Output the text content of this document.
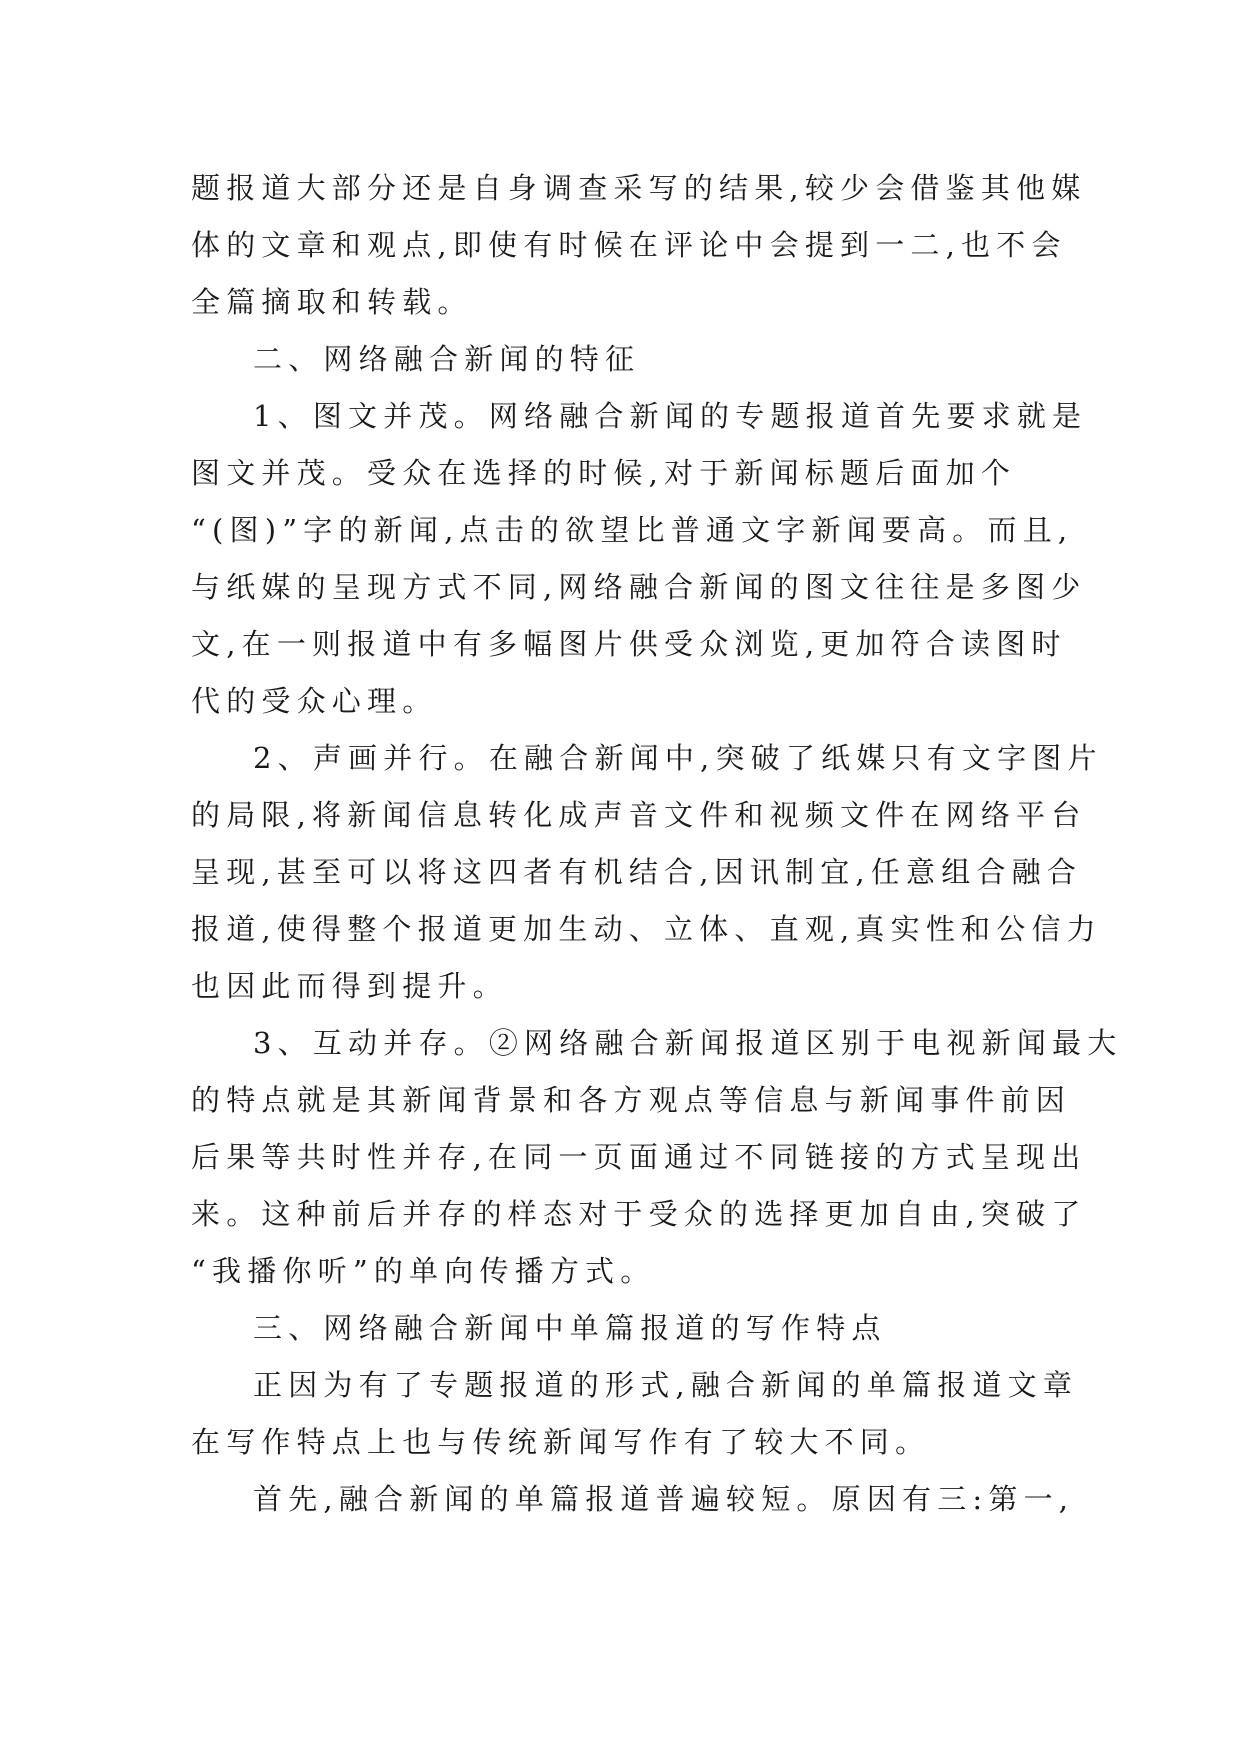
题报道大部分还是自身调查采写的结果,较少会借鉴其他媒
体的文章和观点,即使有时候在评论中会提到一二,也不会
全篇摘取和转载。
二、网络融合新闻的特征
1、图文并茂。网络融合新闻的专题报道首先要求就是
图文并茂。受众在选择的时候,对于新闻标题后面加个
“(图)”字的新闻,点击的欲望比普通文字新闻要高。而且,
与纸媒的呈现方式不同,网络融合新闻的图文往往是多图少
文,在一则报道中有多幅图片供受众浏览,更加符合读图时
代的受众心理。
2、声画并行。在融合新闻中,突破了纸媒只有文字图片
的局限,将新闻信息转化成声音文件和视频文件在网络平台
呈现,甚至可以将这四者有机结合,因讯制宜,任意组合融合
报道,使得整个报道更加生动、立体、直观,真实性和公信力
也因此而得到提升。
3、互动并存。②网络融合新闻报道区别于电视新闻最大
的特点就是其新闻背景和各方观点等信息与新闻事件前因
后果等共时性并存,在同一页面通过不同链接的方式呈现出
来。这种前后并存的样态对于受众的选择更加自由,突破了
“我播你听”的单向传播方式。
三、网络融合新闻中单篇报道的写作特点
正因为有了专题报道的形式,融合新闻的单篇报道文章
在写作特点上也与传统新闻写作有了较大不同。
首先,融合新闻的单篇报道普遍较短。原因有三:第一,
